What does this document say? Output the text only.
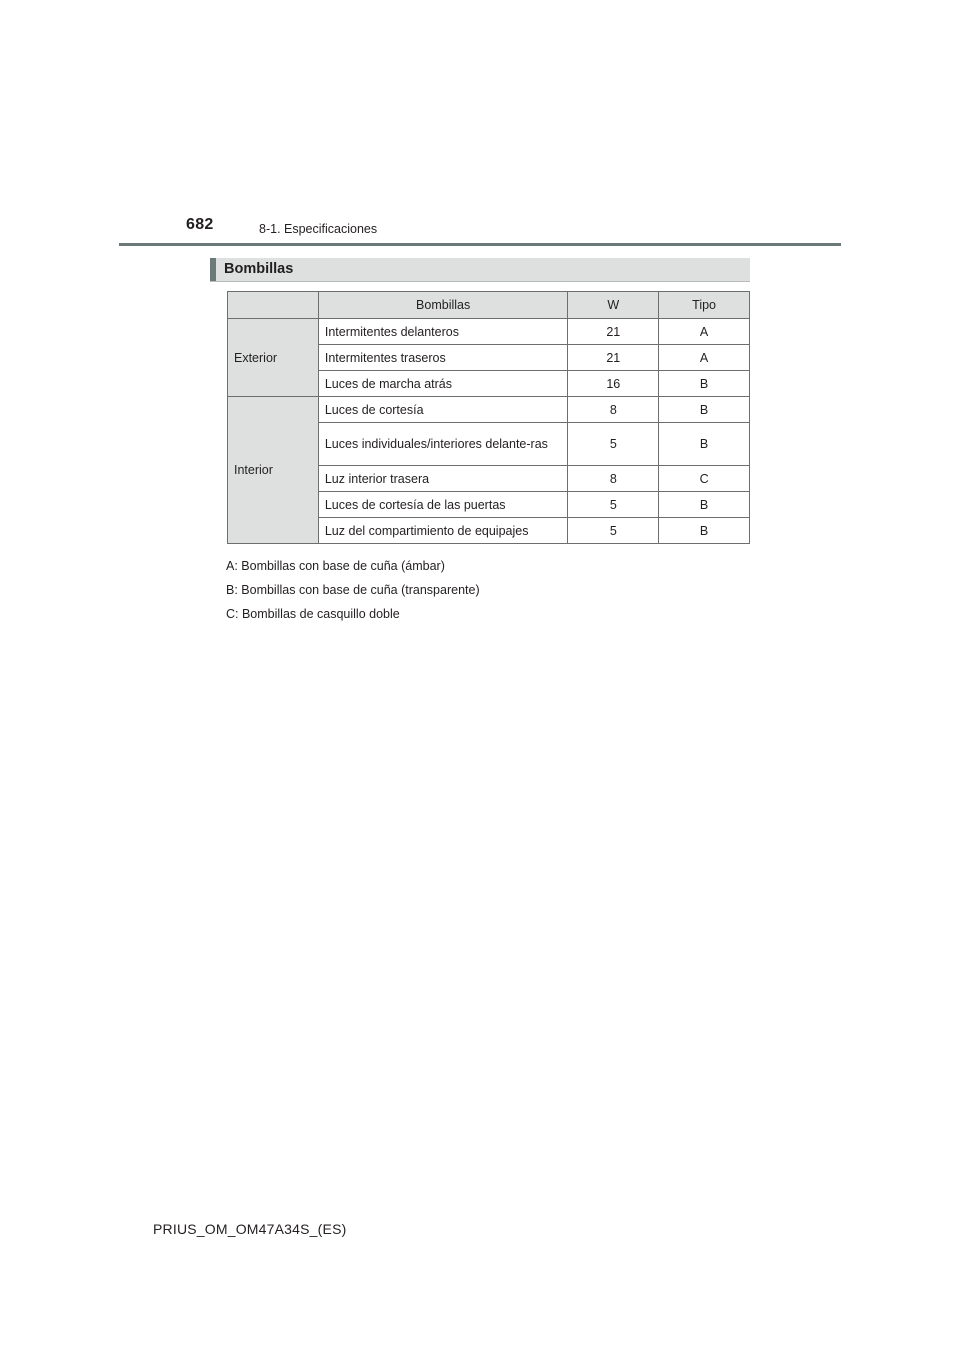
682	8-1. Especificaciones
Bombillas
	Bombillas	W	Tipo
Exterior	Intermitentes delanteros	21	A
	Intermitentes traseros	21	A
	Luces de marcha atrás	16	B
Interior	Luces de cortesía	8	B
	Luces individuales/interiores delante-ras	5	B
	Luz interior trasera	8	C
	Luces de cortesía de las puertas	5	B
	Luz del compartimiento de equipajes	5	B
A: Bombillas con base de cuña (ámbar)
B: Bombillas con base de cuña (transparente)
C: Bombillas de casquillo doble
PRIUS_OM_OM47A34S_(ES)
